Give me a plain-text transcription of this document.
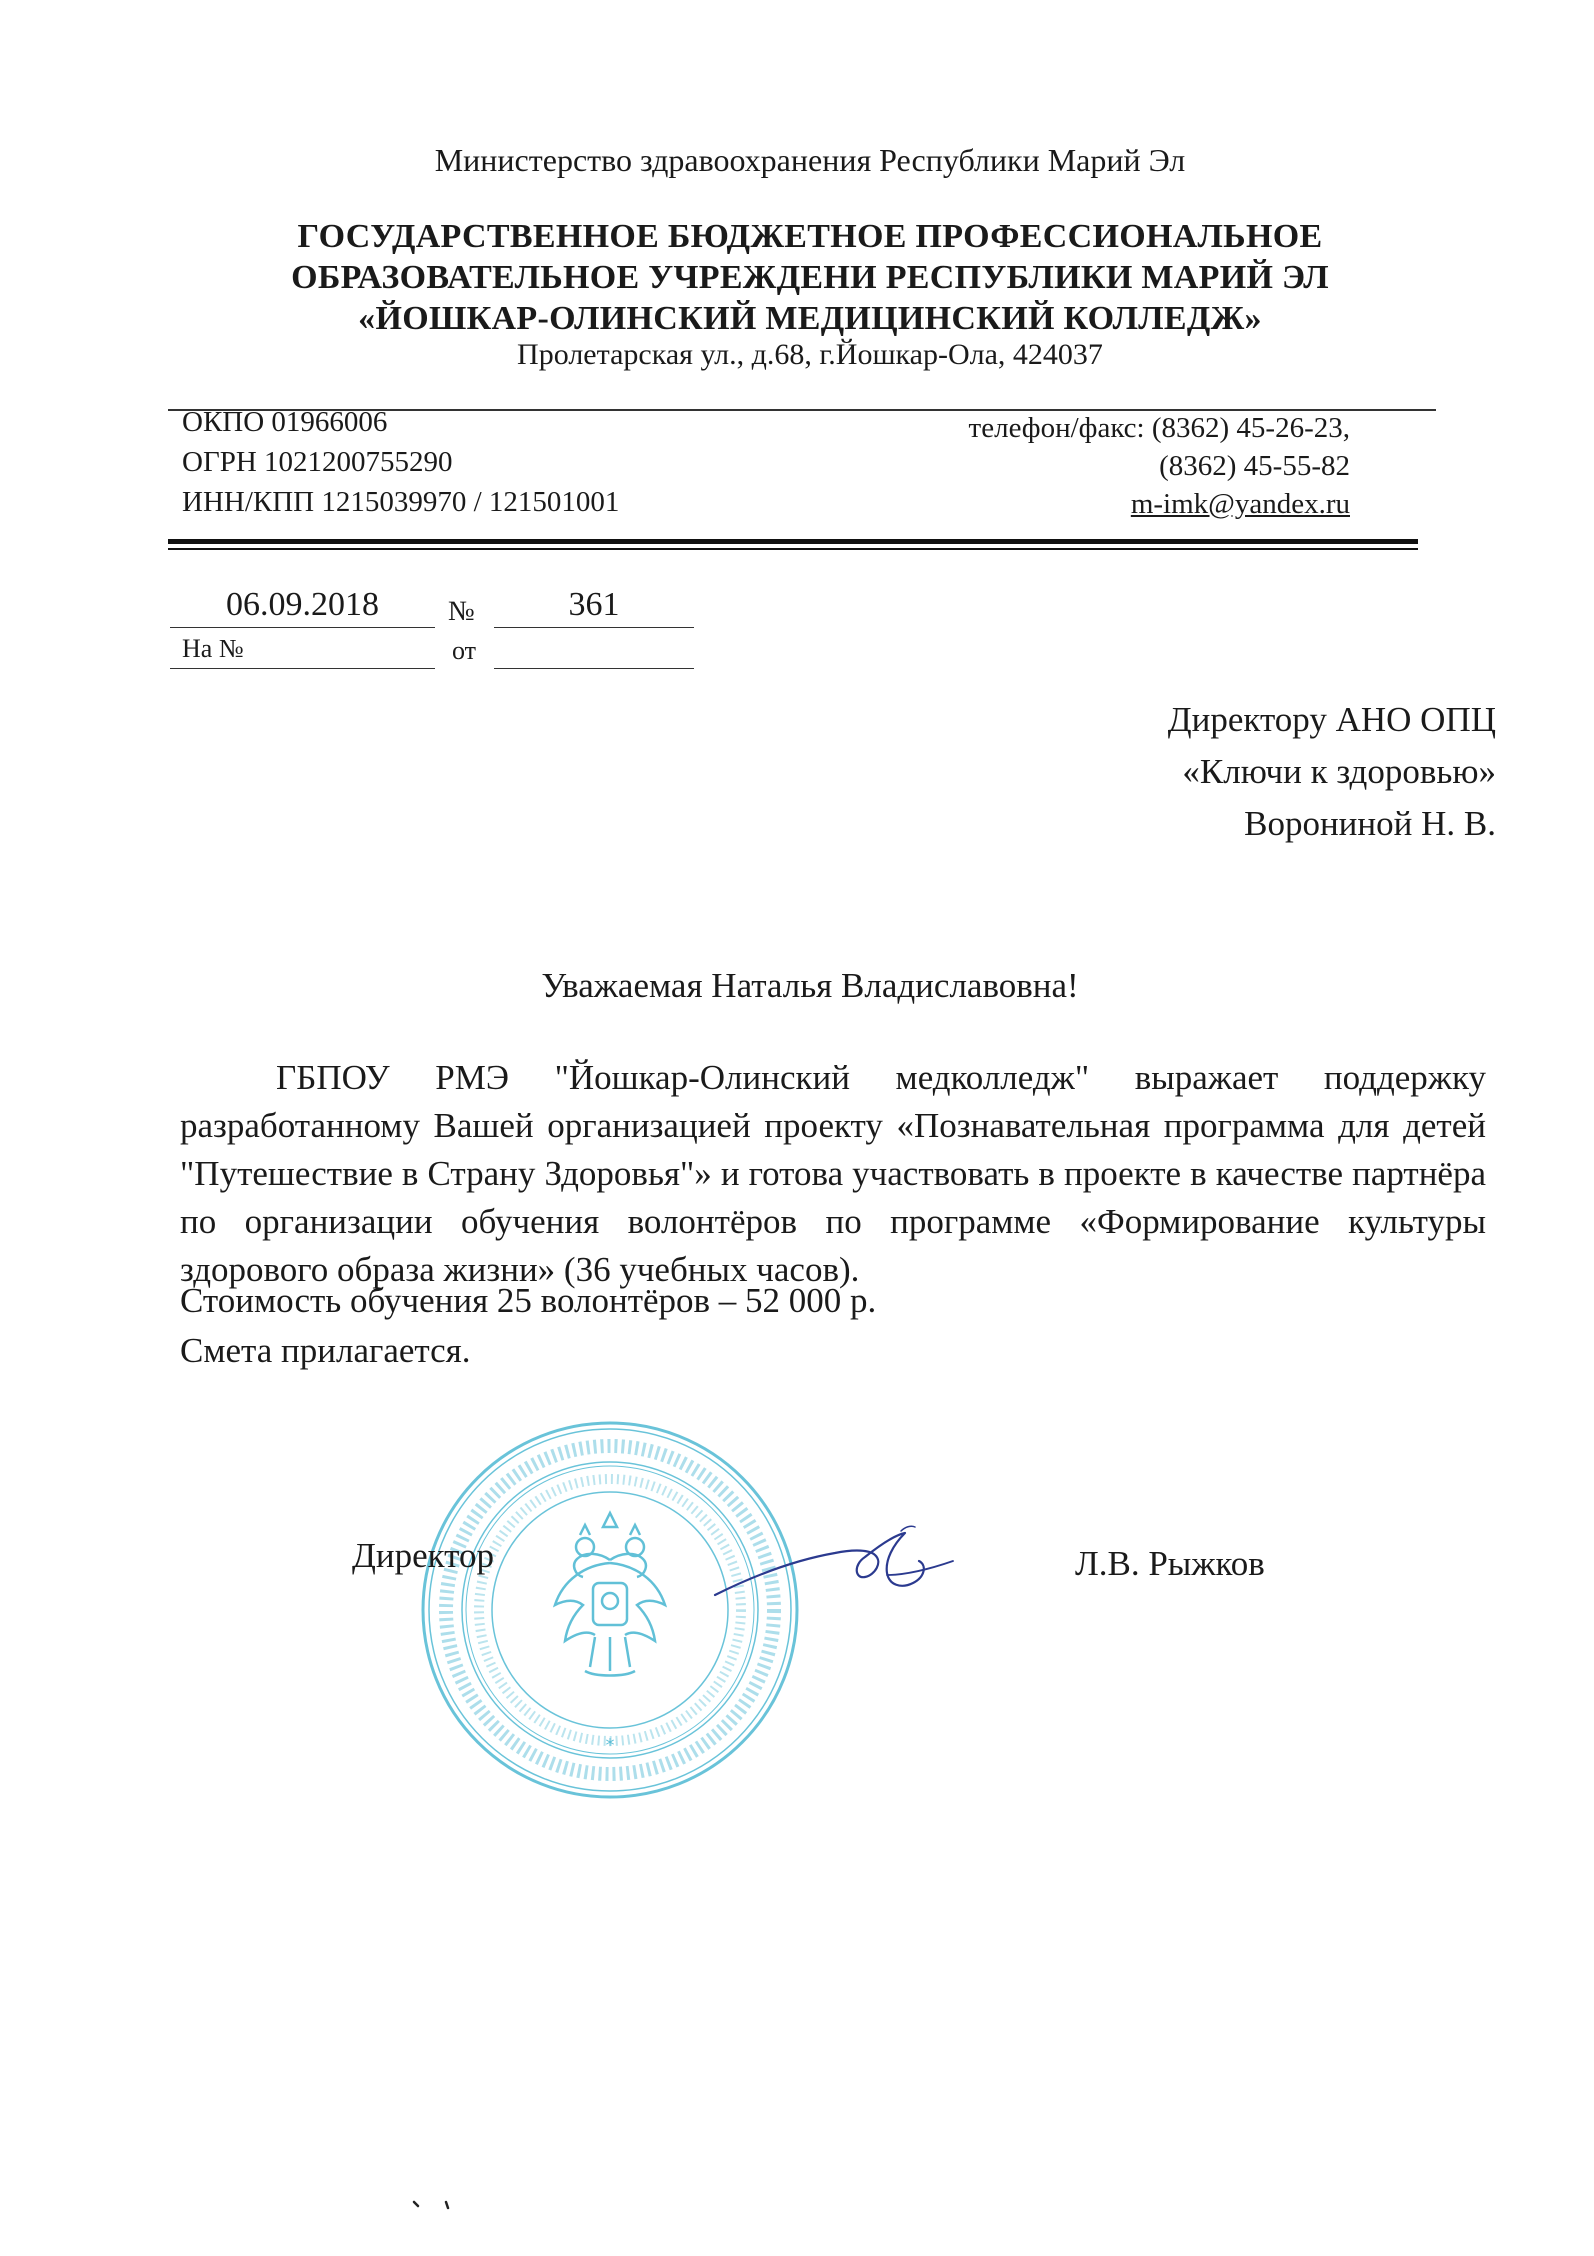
Министерство здравоохранения Республики Марий Эл
ГОСУДАРСТВЕННОЕ БЮДЖЕТНОЕ ПРОФЕССИОНАЛЬНОЕ
ОБРАЗОВАТЕЛЬНОЕ УЧРЕЖДЕНИ РЕСПУБЛИКИ МАРИЙ ЭЛ
«ЙОШКАР-ОЛИНСКИЙ МЕДИЦИНСКИЙ КОЛЛЕДЖ»
Пролетарская ул., д.68, г.Йошкар-Ола, 424037
ОКПО 01966006
ОГРН 1021200755290
ИНН/КПП 1215039970 / 121501001
телефон/факс: (8362) 45-26-23,
(8362) 45-55-82
m-imk@yandex.ru
06.09.2018	№	361
На №	от
Директору АНО ОПЦ
«Ключи к здоровью»
Ворониной Н. В.
Уважаемая Наталья Владиславовна!
ГБПОУ РМЭ "Йошкар-Олинский медколледж" выражает поддержку разработанному Вашей организацией проекту «Познавательная программа для детей "Путешествие в Страну Здоровья"» и готова участвовать в проекте в качестве партнёра по организации обучения волонтёров по программе «Формирование культуры здорового образа жизни» (36 учебных часов).
Стоимость обучения 25 волонтёров – 52 000 р.
Смета прилагается.
*
Директор	Л.В. Рыжков
